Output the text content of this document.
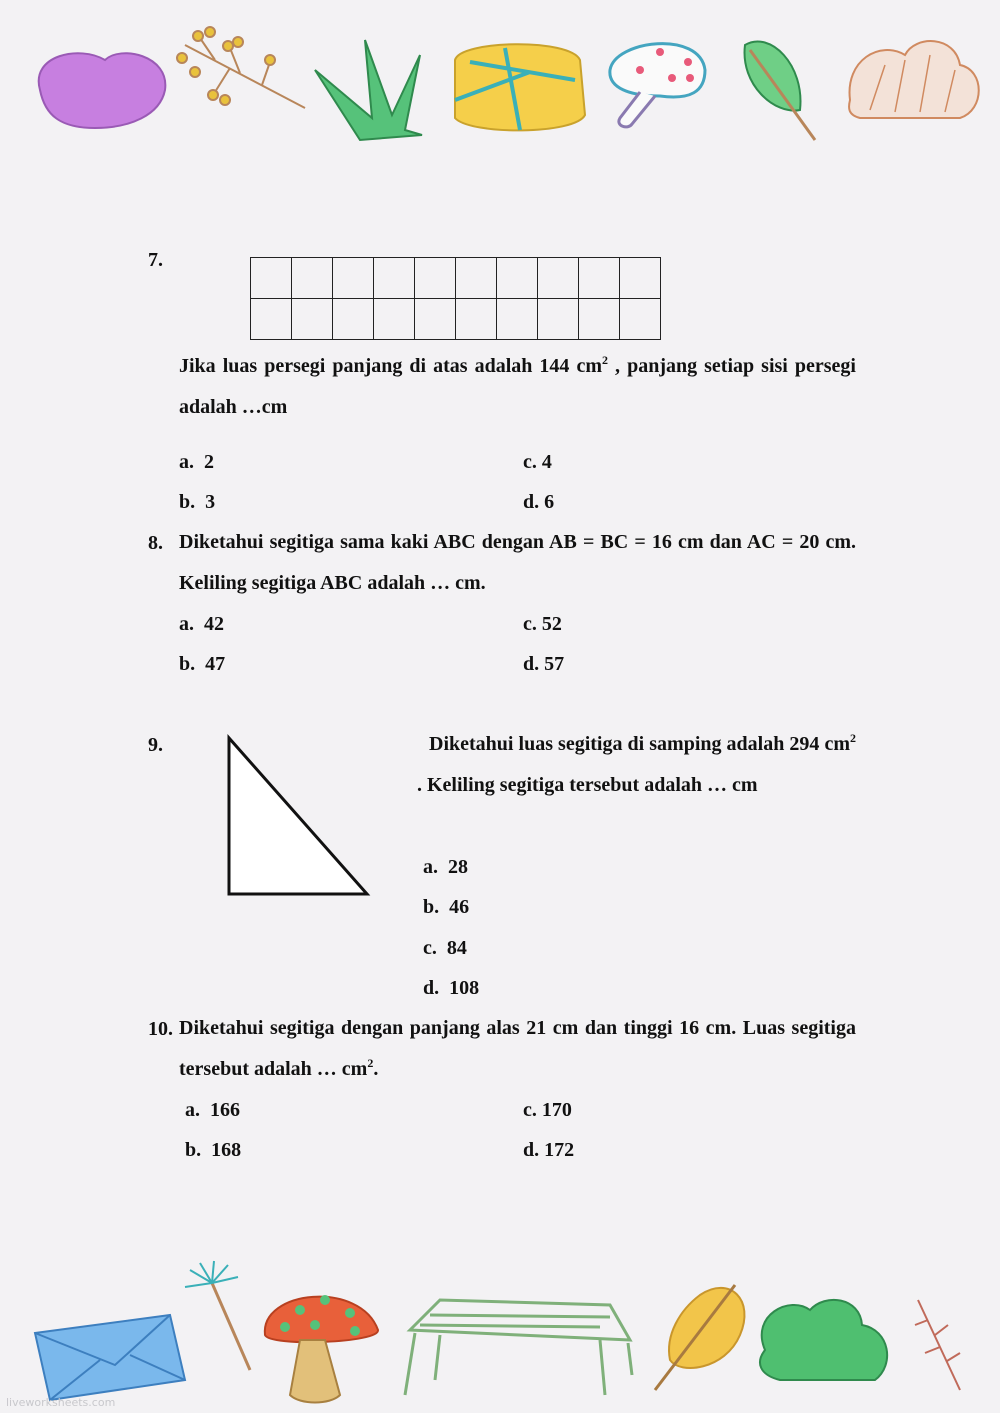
7.

Jika luas persegi panjang di atas adalah 144 $cm^2$ , panjang setiap sisi persegi adalah …cm
a. 2
b. 3
c. 4
d. 6
8. Diketahui segitiga sama kaki ABC dengan AB = BC = 16 cm dan AC = 20 cm. Keliling segitiga ABC adalah … cm.
a. 42
b. 47
c. 52
d. 57
9.	Diketahui luas segitiga di samping adalah 294 $cm^2$ . Keliling segitiga tersebut adalah … cm
a. 28
b. 46
c. 84
d. 108
10. Diketahui segitiga dengan panjang alas 21 cm dan tinggi 16 cm. Luas segitiga tersebut adalah … $cm^2$.
a. 166
b. 168
c. 170
d. 172
liveworksheets.com
